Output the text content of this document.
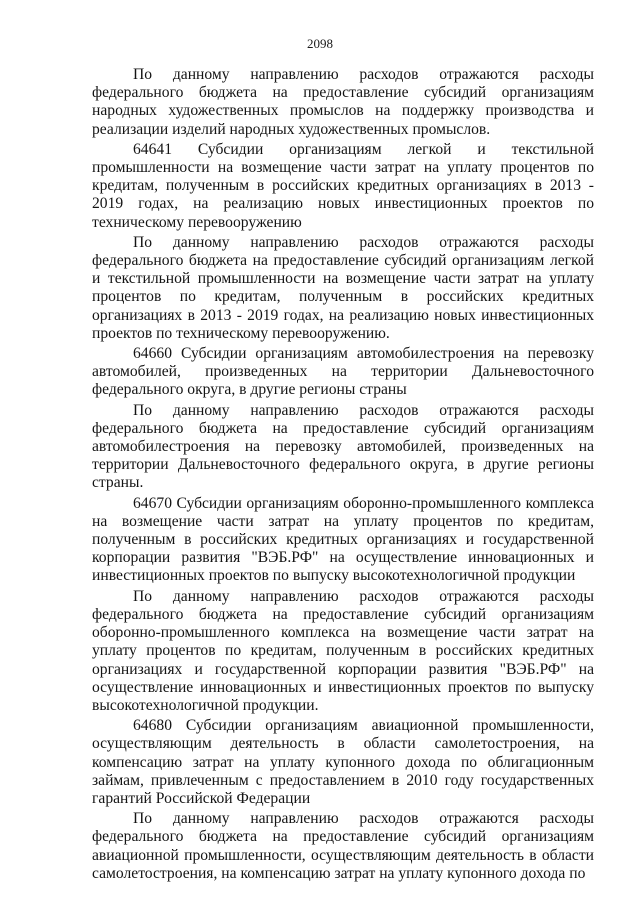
2098

По данному направлению расходов отражаются расходы федерального бюджета на предоставление субсидий организациям народных художественных промыслов на поддержку производства и реализации изделий народных художественных промыслов.

64641 Субсидии организациям легкой и текстильной промышленности на возмещение части затрат на уплату процентов по кредитам, полученным в российских кредитных организациях в 2013 - 2019 годах, на реализацию новых инвестиционных проектов по техническому перевооружению

По данному направлению расходов отражаются расходы федерального бюджета на предоставление субсидий организациям легкой и текстильной промышленности на возмещение части затрат на уплату процентов по кредитам, полученным в российских кредитных организациях в 2013 - 2019 годах, на реализацию новых инвестиционных проектов по техническому перевооружению.

64660 Субсидии организациям автомобилестроения на перевозку автомобилей, произведенных на территории Дальневосточного федерального округа, в другие регионы страны

По данному направлению расходов отражаются расходы федерального бюджета на предоставление субсидий организациям автомобилестроения на перевозку автомобилей, произведенных на территории Дальневосточного федерального округа, в другие регионы страны.

64670 Субсидии организациям оборонно-промышленного комплекса на возмещение части затрат на уплату процентов по кредитам, полученным в российских кредитных организациях и государственной корпорации развития "ВЭБ.РФ" на осуществление инновационных и инвестиционных проектов по выпуску высокотехнологичной продукции

По данному направлению расходов отражаются расходы федерального бюджета на предоставление субсидий организациям оборонно-промышленного комплекса на возмещение части затрат на уплату процентов по кредитам, полученным в российских кредитных организациях и государственной корпорации развития "ВЭБ.РФ" на осуществление инновационных и инвестиционных проектов по выпуску высокотехнологичной продукции.

64680 Субсидии организациям авиационной промышленности, осуществляющим деятельность в области самолетостроения, на компенсацию затрат на уплату купонного дохода по облигационным займам, привлеченным с предоставлением в 2010 году государственных гарантий Российской Федерации

По данному направлению расходов отражаются расходы федерального бюджета на предоставление субсидий организациям авиационной промышленности, осуществляющим деятельность в области самолетостроения, на компенсацию затрат на уплату купонного дохода по
